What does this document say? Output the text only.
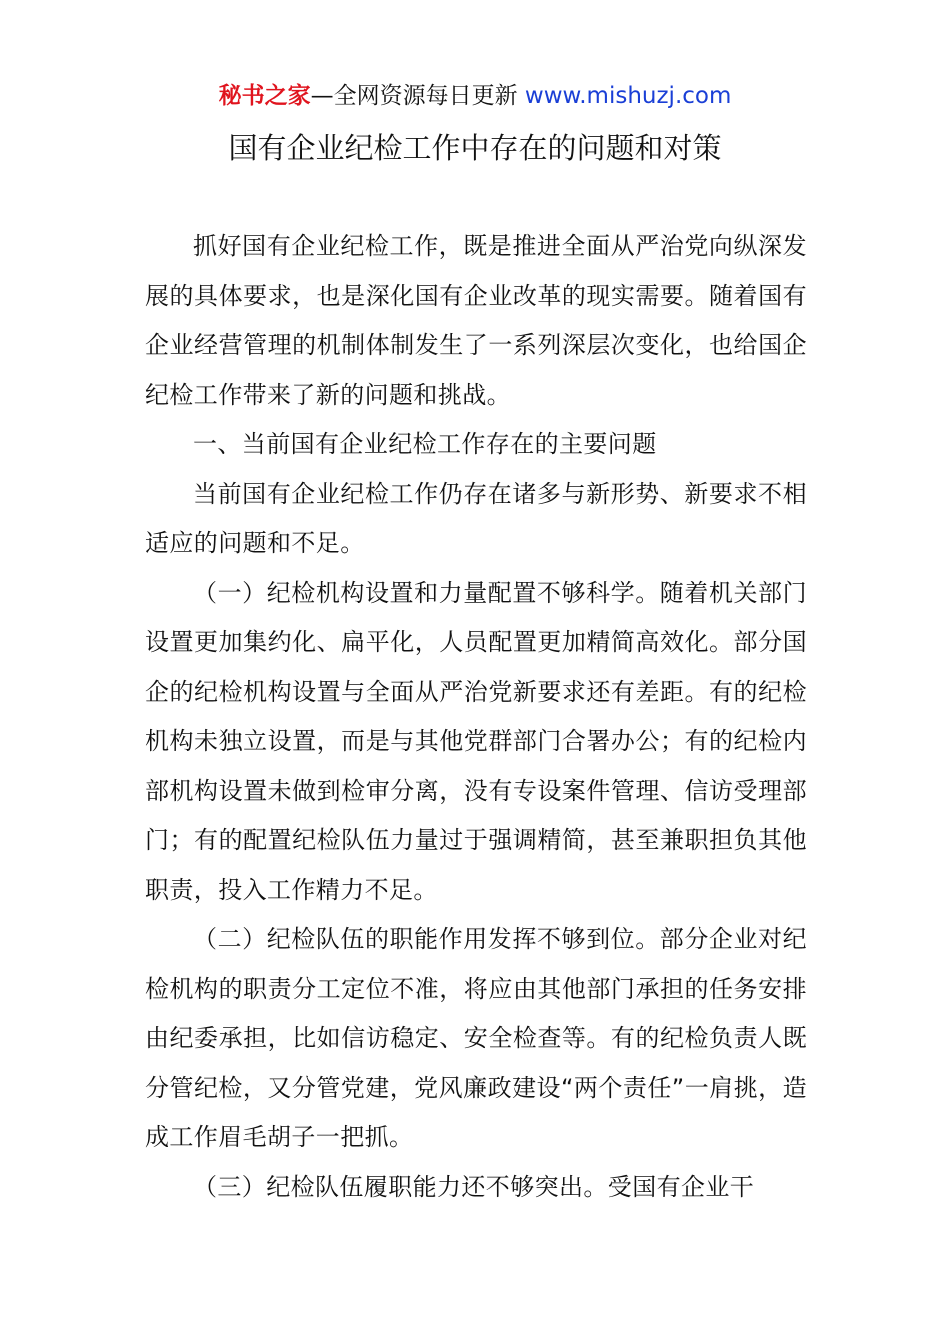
秘书之家—全网资源每日更新 www.mishuzj.com
国有企业纪检工作中存在的问题和对策

抓好国有企业纪检工作，既是推进全面从严治党向纵深发展的具体要求，也是深化国有企业改革的现实需要。随着国有企业经营管理的机制体制发生了一系列深层次变化，也给国企纪检工作带来了新的问题和挑战。

一、当前国有企业纪检工作存在的主要问题

当前国有企业纪检工作仍存在诸多与新形势、新要求不相适应的问题和不足。

（一）纪检机构设置和力量配置不够科学。随着机关部门设置更加集约化、扁平化，人员配置更加精简高效化。部分国企的纪检机构设置与全面从严治党新要求还有差距。有的纪检机构未独立设置，而是与其他党群部门合署办公；有的纪检内部机构设置未做到检审分离，没有专设案件管理、信访受理部门；有的配置纪检队伍力量过于强调精简，甚至兼职担负其他职责，投入工作精力不足。

（二）纪检队伍的职能作用发挥不够到位。部分企业对纪检机构的职责分工定位不准，将应由其他部门承担的任务安排由纪委承担，比如信访稳定、安全检查等。有的纪检负责人既分管纪检，又分管党建，党风廉政建设“两个责任”一肩挑，造成工作眉毛胡子一把抓。

（三）纪检队伍履职能力还不够突出。受国有企业干
